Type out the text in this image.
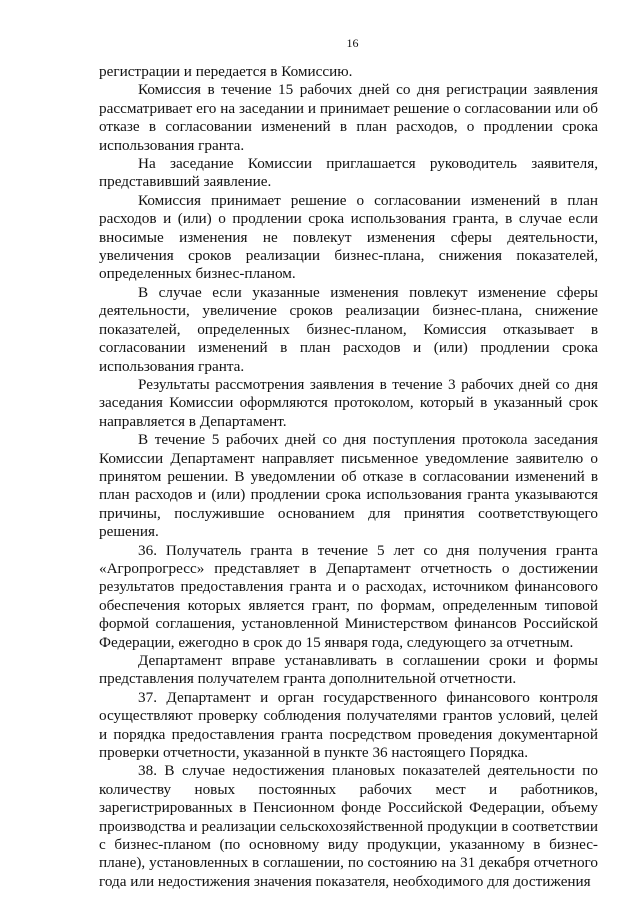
16

регистрации и передается в Комиссию.

Комиссия в течение 15 рабочих дней со дня регистрации заявления рассматривает его на заседании и принимает решение о согласовании или об отказе в согласовании изменений в план расходов, о продлении срока использования гранта.

На заседание Комиссии приглашается руководитель заявителя, представивший заявление.

Комиссия принимает решение о согласовании изменений в план расходов и (или) о продлении срока использования гранта, в случае если вносимые изменения не повлекут изменения сферы деятельности, увеличения сроков реализации бизнес-плана, снижения показателей, определенных бизнес-планом.

В случае если указанные изменения повлекут изменение сферы деятельности, увеличение сроков реализации бизнес-плана, снижение показателей, определенных бизнес-планом, Комиссия отказывает в согласовании изменений в план расходов и (или) продлении срока использования гранта.

Результаты рассмотрения заявления в течение 3 рабочих дней со дня заседания Комиссии оформляются протоколом, который в указанный срок направляется в Департамент.

В течение 5 рабочих дней со дня поступления протокола заседания Комиссии Департамент направляет письменное уведомление заявителю о принятом решении. В уведомлении об отказе в согласовании изменений в план расходов и (или) продлении срока использования гранта указываются причины, послужившие основанием для принятия соответствующего решения.

36. Получатель гранта в течение 5 лет со дня получения гранта «Агропрогресс» представляет в Департамент отчетность о достижении результатов предоставления гранта и о расходах, источником финансового обеспечения которых является грант, по формам, определенным типовой формой соглашения, установленной Министерством финансов Российской Федерации, ежегодно в срок до 15 января года, следующего за отчетным.

Департамент вправе устанавливать в соглашении сроки и формы представления получателем гранта дополнительной отчетности.

37. Департамент и орган государственного финансового контроля осуществляют проверку соблюдения получателями грантов условий, целей и порядка предоставления гранта посредством проведения документарной проверки отчетности, указанной в пункте 36 настоящего Порядка.

38. В случае недостижения плановых показателей деятельности по количеству новых постоянных рабочих мест и работников, зарегистрированных в Пенсионном фонде Российской Федерации, объему производства и реализации сельскохозяйственной продукции в соответствии с бизнес-планом (по основному виду продукции, указанному в бизнес-плане), установленных в соглашении, по состоянию на 31 декабря отчетного года или недостижения значения показателя, необходимого для достижения
